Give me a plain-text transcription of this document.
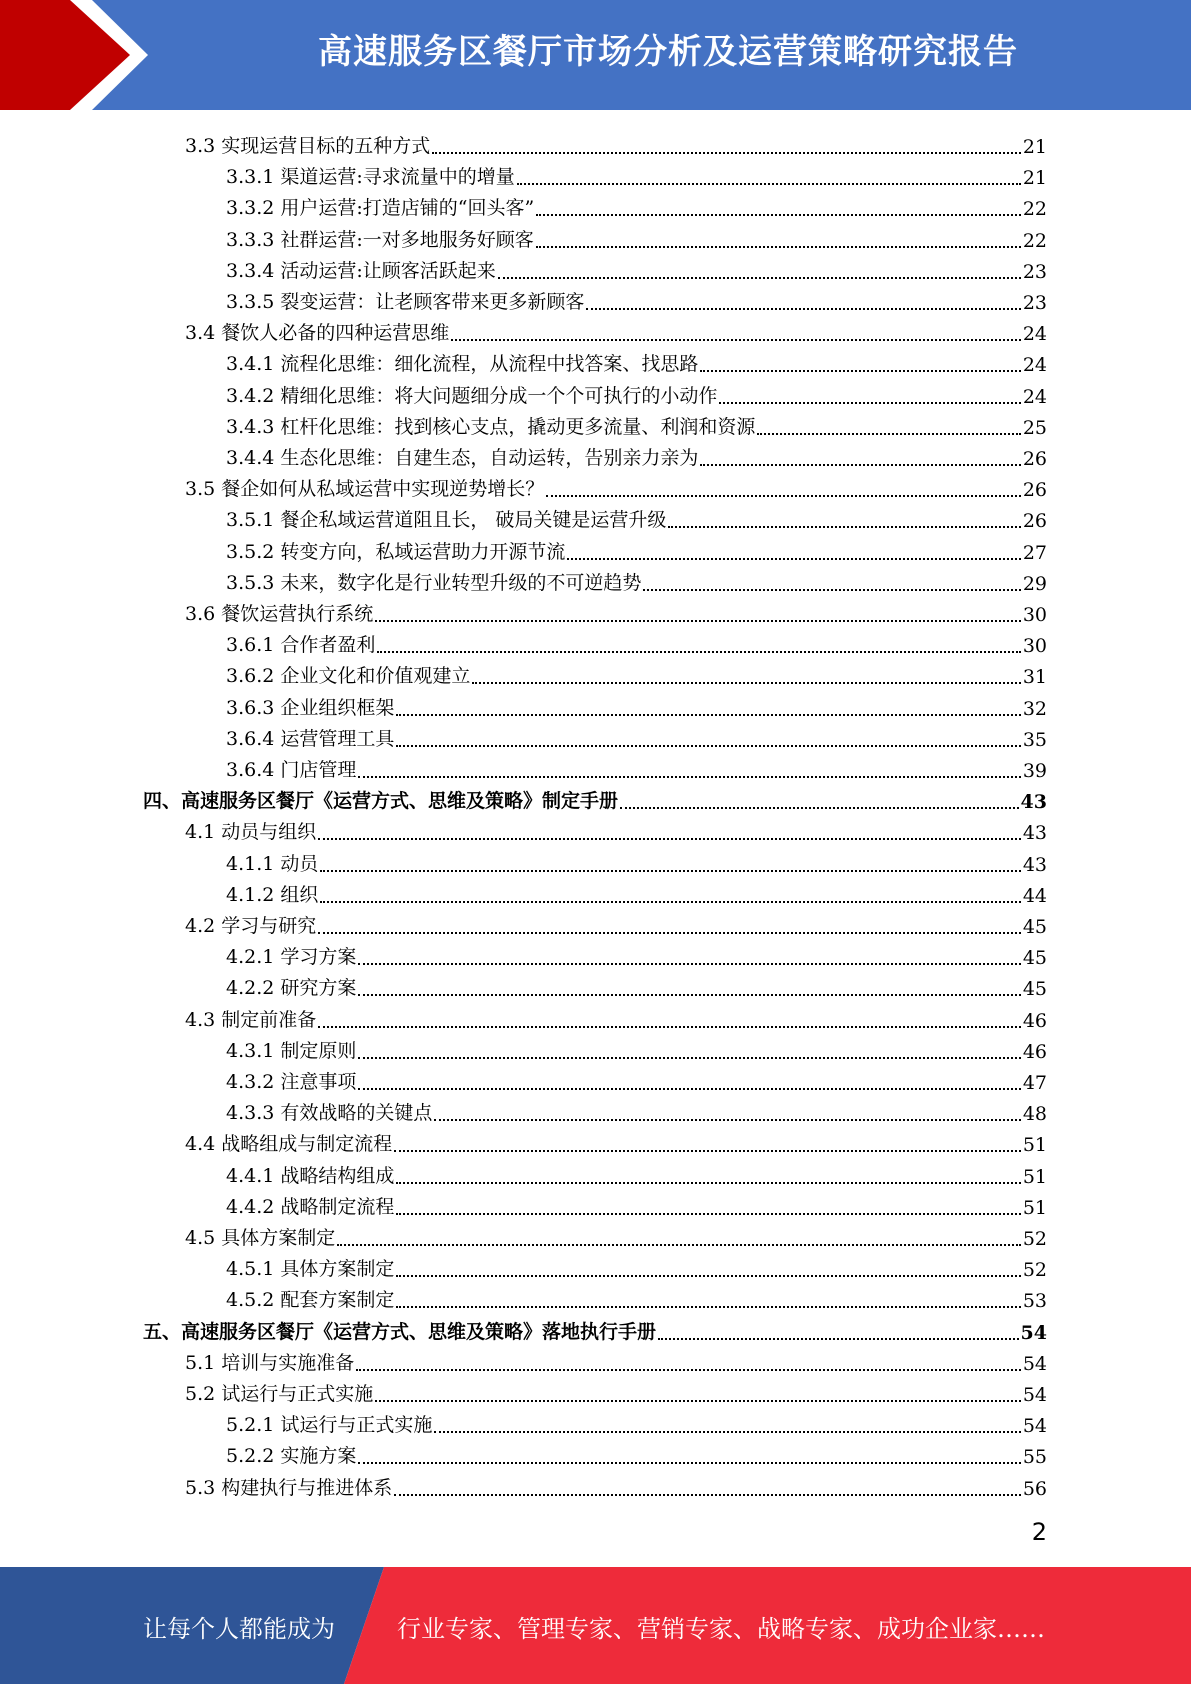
高速服务区餐厅市场分析及运营策略研究报告
3.3 实现运营目标的五种方式	21
3.3.1 渠道运营:寻求流量中的增量	21
3.3.2 用户运营:打造店铺的“回头客”	22
3.3.3 社群运营:一对多地服务好顾客	22
3.3.4 活动运营:让顾客活跃起来	23
3.3.5 裂变运营：让老顾客带来更多新顾客	23
3.4 餐饮人必备的四种运营思维	24
3.4.1 流程化思维：细化流程，从流程中找答案、找思路	24
3.4.2 精细化思维：将大问题细分成一个个可执行的小动作	24
3.4.3 杠杆化思维：找到核心支点，撬动更多流量、利润和资源	25
3.4.4 生态化思维：自建生态，自动运转，告别亲力亲为	26
3.5 餐企如何从私域运营中实现逆势增长？	26
3.5.1 餐企私域运营道阻且长， 破局关键是运营升级	26
3.5.2 转变方向，私域运营助力开源节流	27
3.5.3 未来，数字化是行业转型升级的不可逆趋势	29
3.6 餐饮运营执行系统	30
3.6.1 合作者盈利	30
3.6.2 企业文化和价值观建立	31
3.6.3 企业组织框架	32
3.6.4 运营管理工具	35
3.6.4 门店管理	39
四、高速服务区餐厅《运营方式、思维及策略》制定手册	43
4.1 动员与组织	43
4.1.1 动员	43
4.1.2 组织	44
4.2 学习与研究	45
4.2.1 学习方案	45
4.2.2 研究方案	45
4.3 制定前准备	46
4.3.1 制定原则	46
4.3.2 注意事项	47
4.3.3 有效战略的关键点	48
4.4 战略组成与制定流程	51
4.4.1 战略结构组成	51
4.4.2 战略制定流程	51
4.5 具体方案制定	52
4.5.1 具体方案制定	52
4.5.2 配套方案制定	53
五、高速服务区餐厅《运营方式、思维及策略》落地执行手册	54
5.1 培训与实施准备	54
5.2 试运行与正式实施	54
5.2.1 试运行与正式实施	54
5.2.2 实施方案	55
5.3 构建执行与推进体系	56
2
让每个人都能成为	行业专家、管理专家、营销专家、战略专家、成功企业家……
